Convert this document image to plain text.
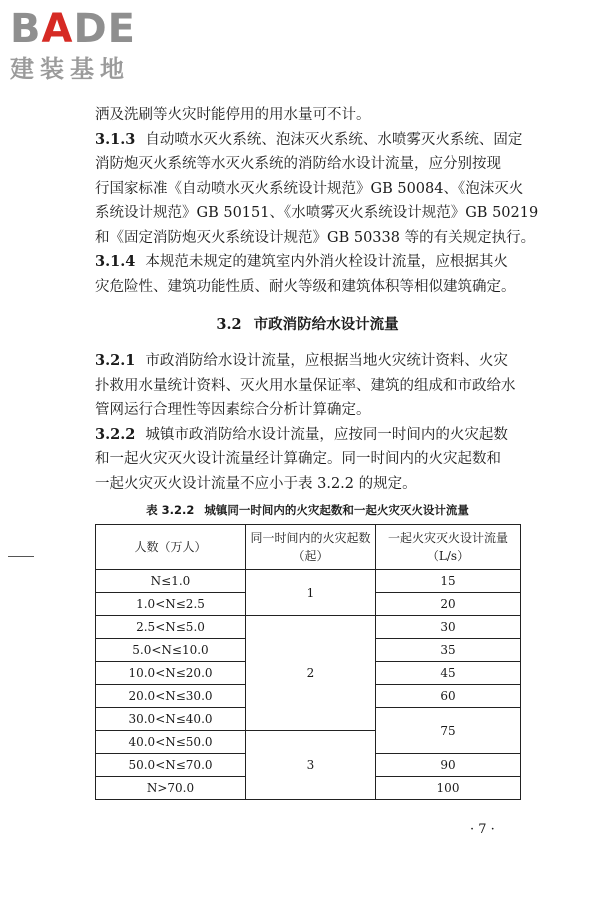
BADE
建装基地
洒及洗刷等火灾时能停用的用水量可不计。
3.1.3 自动喷水灭火系统、泡沫灭火系统、水喷雾灭火系统、固定
消防炮灭火系统等水灭火系统的消防给水设计流量，应分别按现
行国家标准《自动喷水灭火系统设计规范》GB 50084、《泡沫灭火
系统设计规范》GB 50151、《水喷雾灭火系统设计规范》GB 50219
和《固定消防炮灭火系统设计规范》GB 50338 等的有关规定执行。
3.1.4 本规范未规定的建筑室内外消火栓设计流量，应根据其火
灾危险性、建筑功能性质、耐火等级和建筑体积等相似建筑确定。
3.2 市政消防给水设计流量
3.2.1 市政消防给水设计流量，应根据当地火灾统计资料、火灾
扑救用水量统计资料、灭火用水量保证率、建筑的组成和市政给水
管网运行合理性等因素综合分析计算确定。
3.2.2 城镇市政消防给水设计流量，应按同一时间内的火灾起数
和一起火灾灭火设计流量经计算确定。同一时间内的火灾起数和
一起火灾灭火设计流量不应小于表 3.2.2 的规定。
表 3.2.2 城镇同一时间内的火灾起数和一起火灾灭火设计流量
人数（万人）	同一时间内的火灾起数
（起）	一起火灾灭火设计流量
（L/s）
N≤1.0	1	15
1.0<N≤2.5		20
2.5<N≤5.0	2	30
5.0<N≤10.0		35
10.0<N≤20.0		45
20.0<N≤30.0		60
30.0<N≤40.0		75
40.0<N≤50.0	3	
50.0<N≤70.0		90
N>70.0		100
· 7 ·
